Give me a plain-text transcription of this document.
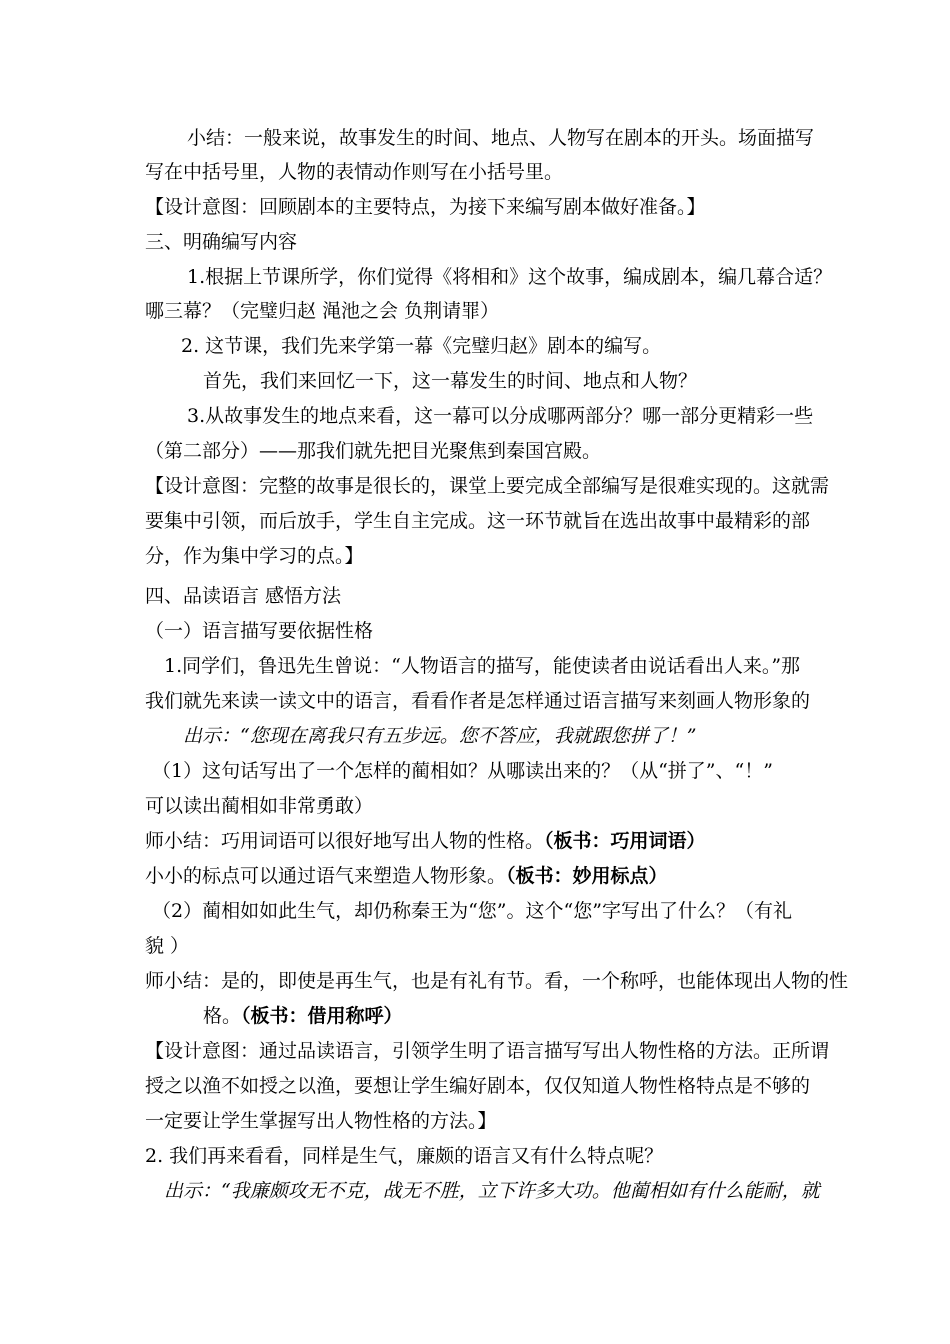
小结：一般来说，故事发生的时间、地点、人物写在剧本的开头。场面描写

写在中括号里，人物的表情动作则写在小括号里。

【设计意图：回顾剧本的主要特点，为接下来编写剧本做好准备。】

三、明确编写内容

1.根据上节课所学，你们觉得《将相和》这个故事，编成剧本，编几幕合适？

哪三幕？（完璧归赵 渑池之会 负荆请罪）

2. 这节课，我们先来学第一幕《完璧归赵》剧本的编写。

首先，我们来回忆一下，这一幕发生的时间、地点和人物？

3.从故事发生的地点来看，这一幕可以分成哪两部分？哪一部分更精彩一些

（第二部分）——那我们就先把目光聚焦到秦国宫殿。

【设计意图：完整的故事是很长的，课堂上要完成全部编写是很难实现的。这就需

要集中引领，而后放手，学生自主完成。这一环节就旨在选出故事中最精彩的部

分，作为集中学习的点。】

四、品读语言 感悟方法

（一）语言描写要依据性格

1.同学们，鲁迅先生曾说：“人物语言的描写，能使读者由说话看出人来。”那

我们就先来读一读文中的语言，看看作者是怎样通过语言描写来刻画人物形象的

出示：“您现在离我只有五步远。您不答应，我就跟您拼了！”

（1）这句话写出了一个怎样的蔺相如？从哪读出来的？（从“拼了”、“！”

可以读出蔺相如非常勇敢）

师小结：巧用词语可以很好地写出人物的性格。（板书：巧用词语）

小小的标点可以通过语气来塑造人物形象。（板书：妙用标点）

（2）蔺相如如此生气，却仍称秦王为“您”。这个“您”字写出了什么？（有礼

貌 ）

师小结：是的，即使是再生气，也是有礼有节。看，一个称呼，也能体现出人物的性

格。（板书：借用称呼）

【设计意图：通过品读语言，引领学生明了语言描写写出人物性格的方法。正所谓

授之以渔不如授之以渔，要想让学生编好剧本，仅仅知道人物性格特点是不够的

一定要让学生掌握写出人物性格的方法。】

2. 我们再来看看，同样是生气，廉颇的语言又有什么特点呢？

出示：“我廉颇攻无不克，战无不胜，立下许多大功。他蔺相如有什么能耐，就
